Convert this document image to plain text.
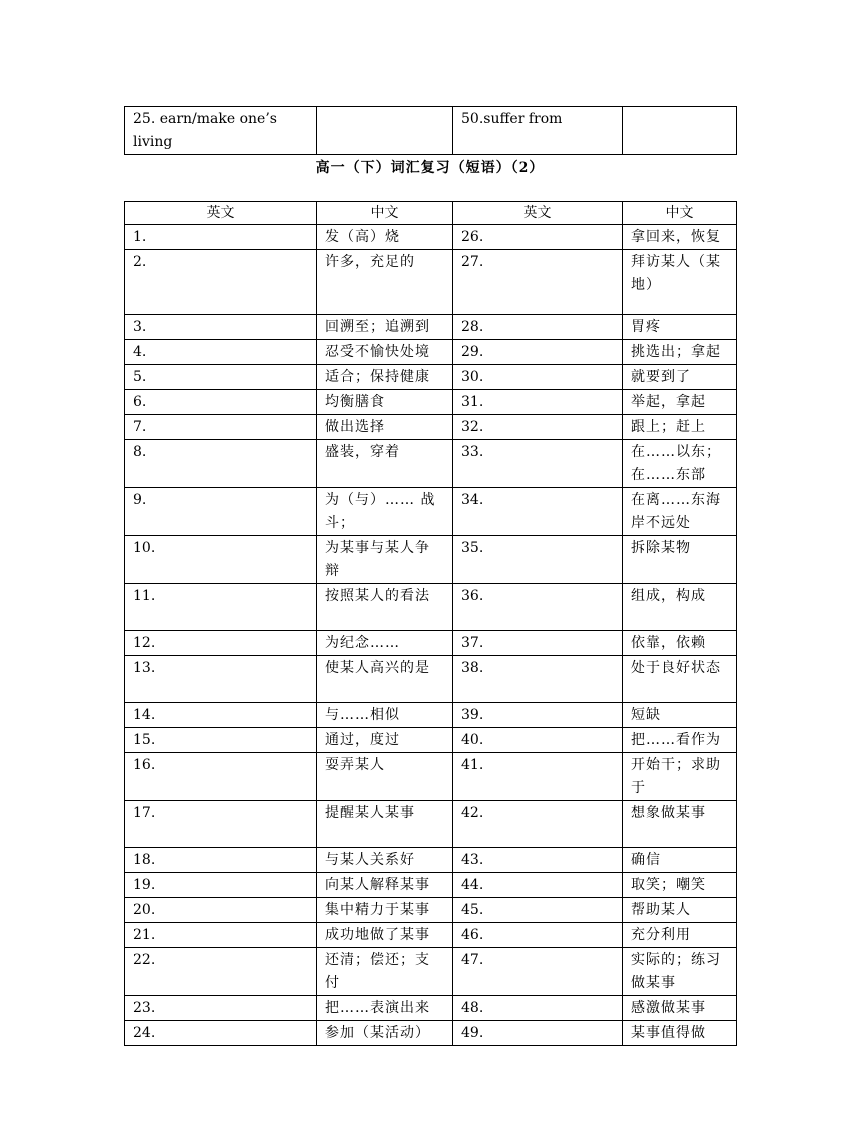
25. earn/make one’s living		50.suffer from	
高一（下）词汇复习（短语）（2）
英文	中文	英文	中文
1.	发（高）烧	26.	拿回来，恢复
2.	许多，充足的	27.	拜访某人（某地）
3.	回溯至；追溯到	28.	胃疼
4.	忍受不愉快处境	29.	挑选出；拿起
5.	适合；保持健康	30.	就要到了
6.	均衡膳食	31.	举起，拿起
7.	做出选择	32.	跟上；赶上
8.	盛装，穿着	33.	在……以东；在……东部
9.	为（与）…… 战斗；	34.	在离……东海岸不远处
10.	为某事与某人争辩	35.	拆除某物
11.	按照某人的看法	36.	组成，构成
12.	为纪念……	37.	依靠，依赖
13.	使某人高兴的是	38.	处于良好状态
14.	与……相似	39.	短缺
15.	通过，度过	40.	把……看作为
16.	耍弄某人	41.	开始干；求助于
17.	提醒某人某事	42.	想象做某事
18.	与某人关系好	43.	确信
19.	向某人解释某事	44.	取笑；嘲笑
20.	集中精力于某事	45.	帮助某人
21.	成功地做了某事	46.	充分利用
22.	还清；偿还；支付	47.	实际的；练习做某事
23.	把……表演出来	48.	感激做某事
24.	参加（某活动）	49.	某事值得做
